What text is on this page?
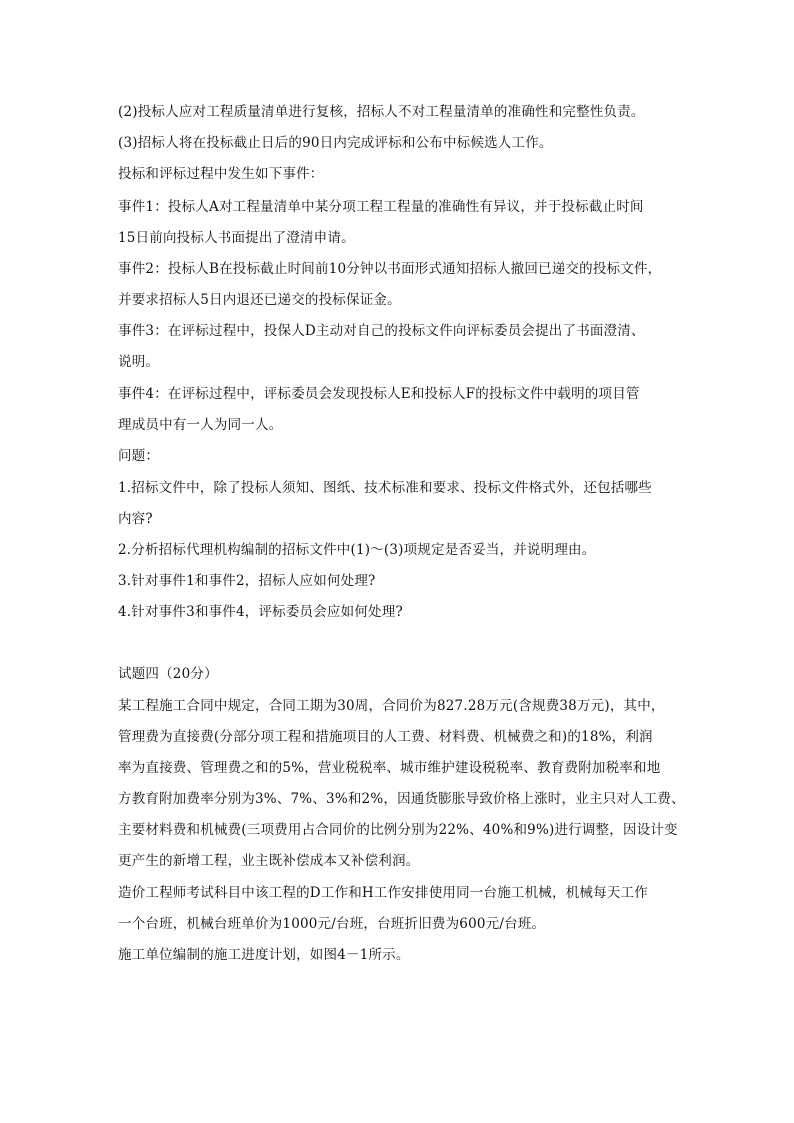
(2)投标人应对工程质量清单进行复核，招标人不对工程量清单的准确性和完整性负责。
(3)招标人将在投标截止日后的90日内完成评标和公布中标候选人工作。
投标和评标过程中发生如下事件：
事件1：投标人A对工程量清单中某分项工程工程量的准确性有异议，并于投标截止时间
15日前向投标人书面提出了澄清申请。
事件2：投标人B在投标截止时间前10分钟以书面形式通知招标人撤回已递交的投标文件，
并要求招标人5日内退还已递交的投标保证金。
事件3：在评标过程中，投保人D主动对自己的投标文件向评标委员会提出了书面澄清、
说明。
事件4：在评标过程中，评标委员会发现投标人E和投标人F的投标文件中载明的项目管
理成员中有一人为同一人。
问题：
1.招标文件中，除了投标人须知、图纸、技术标准和要求、投标文件格式外，还包括哪些
内容?
2.分析招标代理机构编制的招标文件中(1)～(3)项规定是否妥当，并说明理由。
3.针对事件1和事件2，招标人应如何处理?
4.针对事件3和事件4，评标委员会应如何处理?
试题四（20分）
某工程施工合同中规定，合同工期为30周，合同价为827.28万元(含规费38万元)，其中，
管理费为直接费(分部分项工程和措施项目的人工费、材料费、机械费之和)的18%，利润
率为直接费、管理费之和的5%，营业税税率、城市维护建设税税率、教育费附加税率和地
方教育附加费率分别为3%、7%、3%和2%，因通货膨胀导致价格上涨时，业主只对人工费、
主要材料费和机械费(三项费用占合同价的比例分别为22%、40%和9%)进行调整，因设计变
更产生的新增工程，业主既补偿成本又补偿利润。
造价工程师考试科目中该工程的D工作和H工作安排使用同一台施工机械，机械每天工作
一个台班，机械台班单价为1000元/台班，台班折旧费为600元/台班。
施工单位编制的施工进度计划，如图4－1所示。
